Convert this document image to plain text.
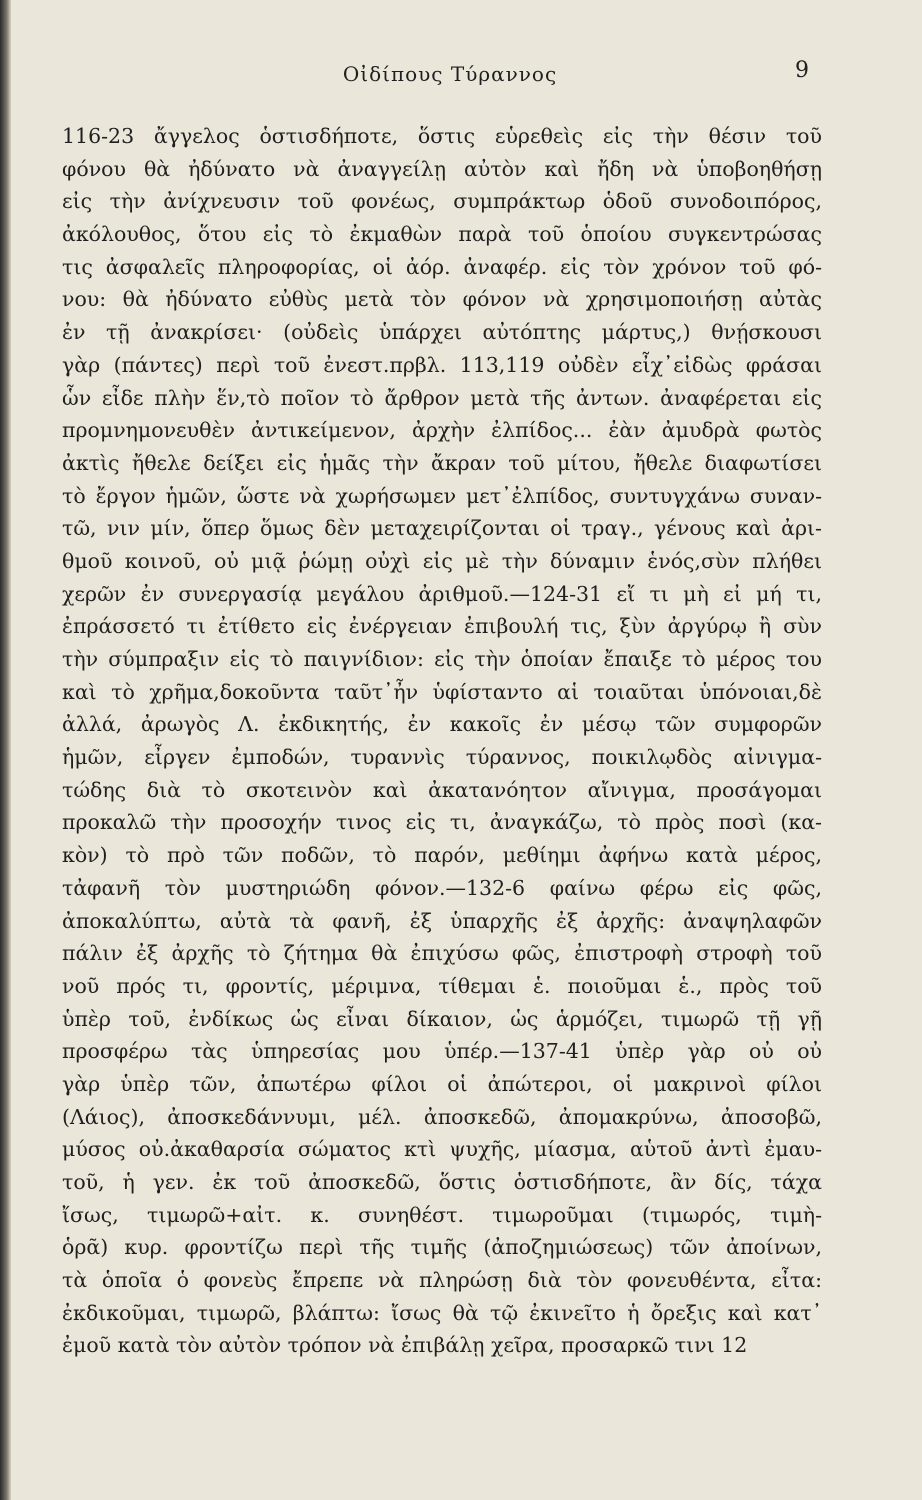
Οἰδίπους Τύραννος	9
116-23 ἄγγελος ὁστισδήποτε, ὅστις εὑρεθεὶς εἰς τὴν θέσιν τοῦ
φόνου θὰ ἠδύνατο νὰ ἀναγγείλῃ αὐτὸν καὶ ἤδη νὰ ὑποβοηθήσῃ
εἰς τὴν ἀνίχνευσιν τοῦ φονέως, συμπράκτωρ ὁδοῦ συνοδοιπόρος,
ἀκόλουθος, ὅτου εἰς τὸ ἐκμαθὼν παρὰ τοῦ ὁποίου συγκεντρώσας
τις ἀσφαλεῖς πληροφορίας, οἱ ἀόρ. ἀναφέρ. εἰς τὸν χρόνον τοῦ φό-
νου: θὰ ἠδύνατο εὐθὺς μετὰ τὸν φόνον νὰ χρησιμοποιήσῃ αὐτὰς
ἐν τῇ ἀνακρίσει· (οὐδεὶς ὑπάρχει αὐτόπτης μάρτυς,) θνῄσκουσι
γὰρ (πάντες) περὶ τοῦ ἐνεστ.πρβλ. 113,119 οὐδὲν εἶχ᾽εἰδὼς φράσαι
ὧν εἶδε πλὴν ἕν,τὸ ποῖον τὸ ἄρθρον μετὰ τῆς ἀντων. ἀναφέρεται εἰς
προμνημονευθὲν ἀντικείμενον, ἀρχὴν ἐλπίδος... ἐὰν ἀμυδρὰ φωτὸς
ἀκτὶς ἤθελε δείξει εἰς ἡμᾶς τὴν ἄκραν τοῦ μίτου, ἤθελε διαφωτίσει
τὸ ἔργον ἡμῶν, ὥστε νὰ χωρήσωμεν μετ᾽ἐλπίδος, συντυγχάνω συναν-
τῶ, νιν μίν, ὅπερ ὅμως δὲν μεταχειρίζονται οἱ τραγ., γένους καὶ ἀρι-
θμοῦ κοινοῦ, οὐ μιᾷ ῥώμῃ οὐχὶ εἰς μὲ τὴν δύναμιν ἑνός,σὺν πλήθει
χερῶν ἐν συνεργασίᾳ μεγάλου ἀριθμοῦ.—124-31 εἴ τι μὴ εἰ μή τι,
ἐπράσσετό τι ἐτίθετο εἰς ἐνέργειαν ἐπιβουλή τις, ξὺν ἀργύρῳ ἢ σὺν
τὴν σύμπραξιν εἰς τὸ παιγνίδιον: εἰς τὴν ὁποίαν ἔπαιξε τὸ μέρος του
καὶ τὸ χρῆμα,δοκοῦντα ταῦτ᾽ἦν ὑφίσταντο αἱ τοιαῦται ὑπόνοιαι,δὲ
ἀλλά, ἀρωγὸς Λ. ἐκδικητής, ἐν κακοῖς ἐν μέσῳ τῶν συμφορῶν
ἡμῶν, εἶργεν ἐμποδών, τυραννὶς τύραννος, ποικιλῳδὸς αἰνιγμα-
τώδης διὰ τὸ σκοτεινὸν καὶ ἀκατανόητον αἴνιγμα, προσάγομαι
προκαλῶ τὴν προσοχήν τινος εἰς τι, ἀναγκάζω, τὸ πρὸς ποσὶ (κα-
κὸν) τὸ πρὸ τῶν ποδῶν, τὸ παρόν, μεθίημι ἀφήνω κατὰ μέρος,
τἀφανῆ τὸν μυστηριώδη φόνον.—132-6 φαίνω φέρω εἰς φῶς,
ἀποκαλύπτω, αὐτὰ τὰ φανῆ, ἐξ ὑπαρχῆς ἐξ ἀρχῆς: ἀναψηλαφῶν
πάλιν ἐξ ἀρχῆς τὸ ζήτημα θὰ ἐπιχύσω φῶς, ἐπιστροφὴ στροφὴ τοῦ
νοῦ πρός τι, φροντίς, μέριμνα, τίθεμαι ἑ. ποιοῦμαι ἑ., πρὸς τοῦ
ὑπὲρ τοῦ, ἐνδίκως ὡς εἶναι δίκαιον, ὡς ἁρμόζει, τιμωρῶ τῇ γῇ
προσφέρω τὰς ὑπηρεσίας μου ὑπέρ.—137-41 ὑπὲρ γὰρ οὐ οὐ
γὰρ ὑπὲρ τῶν, ἀπωτέρω φίλοι οἱ ἀπώτεροι, οἱ μακρινοὶ φίλοι
(Λάιος), ἀποσκεδάννυμι, μέλ. ἀποσκεδῶ, ἀπομακρύνω, ἀποσοβῶ,
μύσος οὐ.ἀκαθαρσία σώματος κτὶ ψυχῆς, μίασμα, αὑτοῦ ἀντὶ ἐμαυ-
τοῦ, ἡ γεν. ἐκ τοῦ ἀποσκεδῶ, ὅστις ὁστισδήποτε, ἂν δίς, τάχα
ἴσως, τιμωρῶ+αἰτ. κ. συνηθέστ. τιμωροῦμαι (τιμωρός, τιμὴ-
ὁρᾶ) κυρ. φροντίζω περὶ τῆς τιμῆς (ἀποζημιώσεως) τῶν ἀποίνων,
τὰ ὁποῖα ὁ φονεὺς ἔπρεπε νὰ πληρώσῃ διὰ τὸν φονευθέντα, εἶτα:
ἐκδικοῦμαι, τιμωρῶ, βλάπτω: ἴσως θὰ τῷ ἐκινεῖτο ἡ ὄρεξις καὶ κατ᾽
ἐμοῦ κατὰ τὸν αὐτὸν τρόπον νὰ ἐπιβάλῃ χεῖρα, προσαρκῶ τινι 12
